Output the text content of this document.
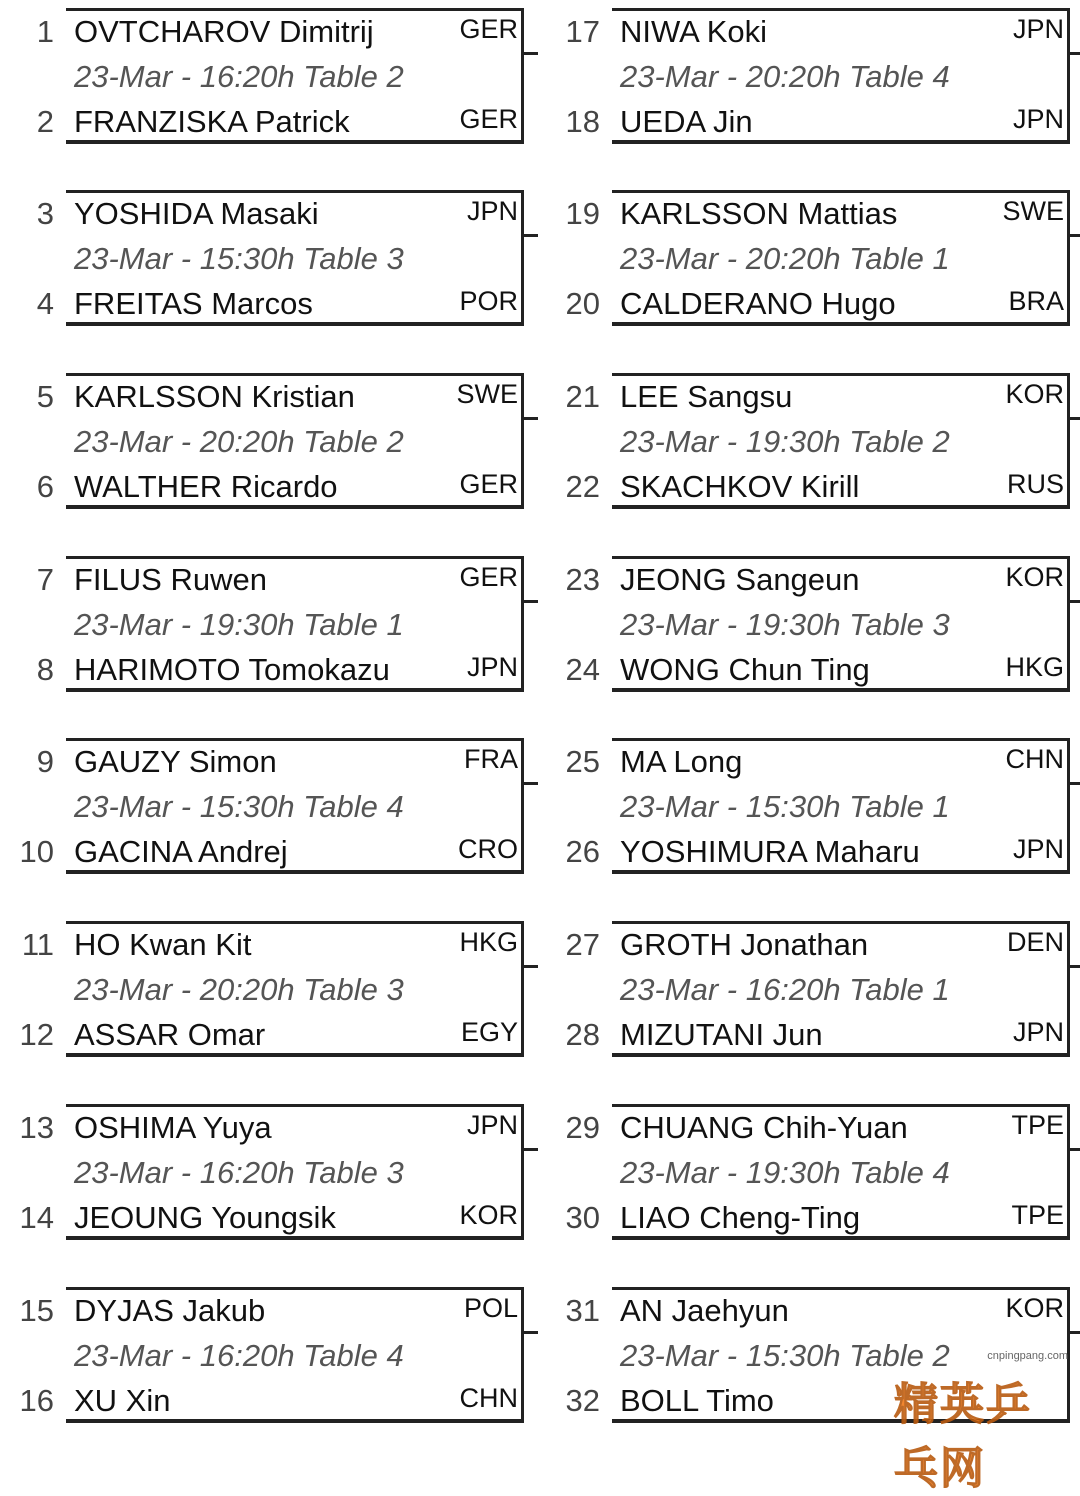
1 OVTCHAROV Dimitrij	GER
23-Mar - 16:20h Table 2
2 FRANZISKA Patrick	GER
3 YOSHIDA Masaki	JPN
23-Mar - 15:30h Table 3
4 FREITAS Marcos	POR
5 KARLSSON Kristian	SWE
23-Mar - 20:20h Table 2
6 WALTHER Ricardo	GER
7 FILUS Ruwen	GER
23-Mar - 19:30h Table 1
8 HARIMOTO Tomokazu	JPN
9 GAUZY Simon	FRA
23-Mar - 15:30h Table 4
10 GACINA Andrej	CRO
11 HO Kwan Kit	HKG
23-Mar - 20:20h Table 3
12 ASSAR Omar	EGY
13 OSHIMA Yuya	JPN
23-Mar - 16:20h Table 3
14 JEOUNG Youngsik	KOR
15 DYJAS Jakub	POL
23-Mar - 16:20h Table 4
16 XU Xin	CHN
17 NIWA Koki	JPN
23-Mar - 20:20h Table 4
18 UEDA Jin	JPN
19 KARLSSON Mattias	SWE
23-Mar - 20:20h Table 1
20 CALDERANO Hugo	BRA
21 LEE Sangsu	KOR
23-Mar - 19:30h Table 2
22 SKACHKOV Kirill	RUS
23 JEONG Sangeun	KOR
23-Mar - 19:30h Table 3
24 WONG Chun Ting	HKG
25 MA Long	CHN
23-Mar - 15:30h Table 1
26 YOSHIMURA Maharu	JPN
27 GROTH Jonathan	DEN
23-Mar - 16:20h Table 1
28 MIZUTANI Jun	JPN
29 CHUANG Chih-Yuan	TPE
23-Mar - 19:30h Table 4
30 LIAO Cheng-Ting	TPE
31 AN Jaehyun	KOR
23-Mar - 15:30h Table 2
32 BOLL Timo
cnpingpang.com
精英乒乓网
